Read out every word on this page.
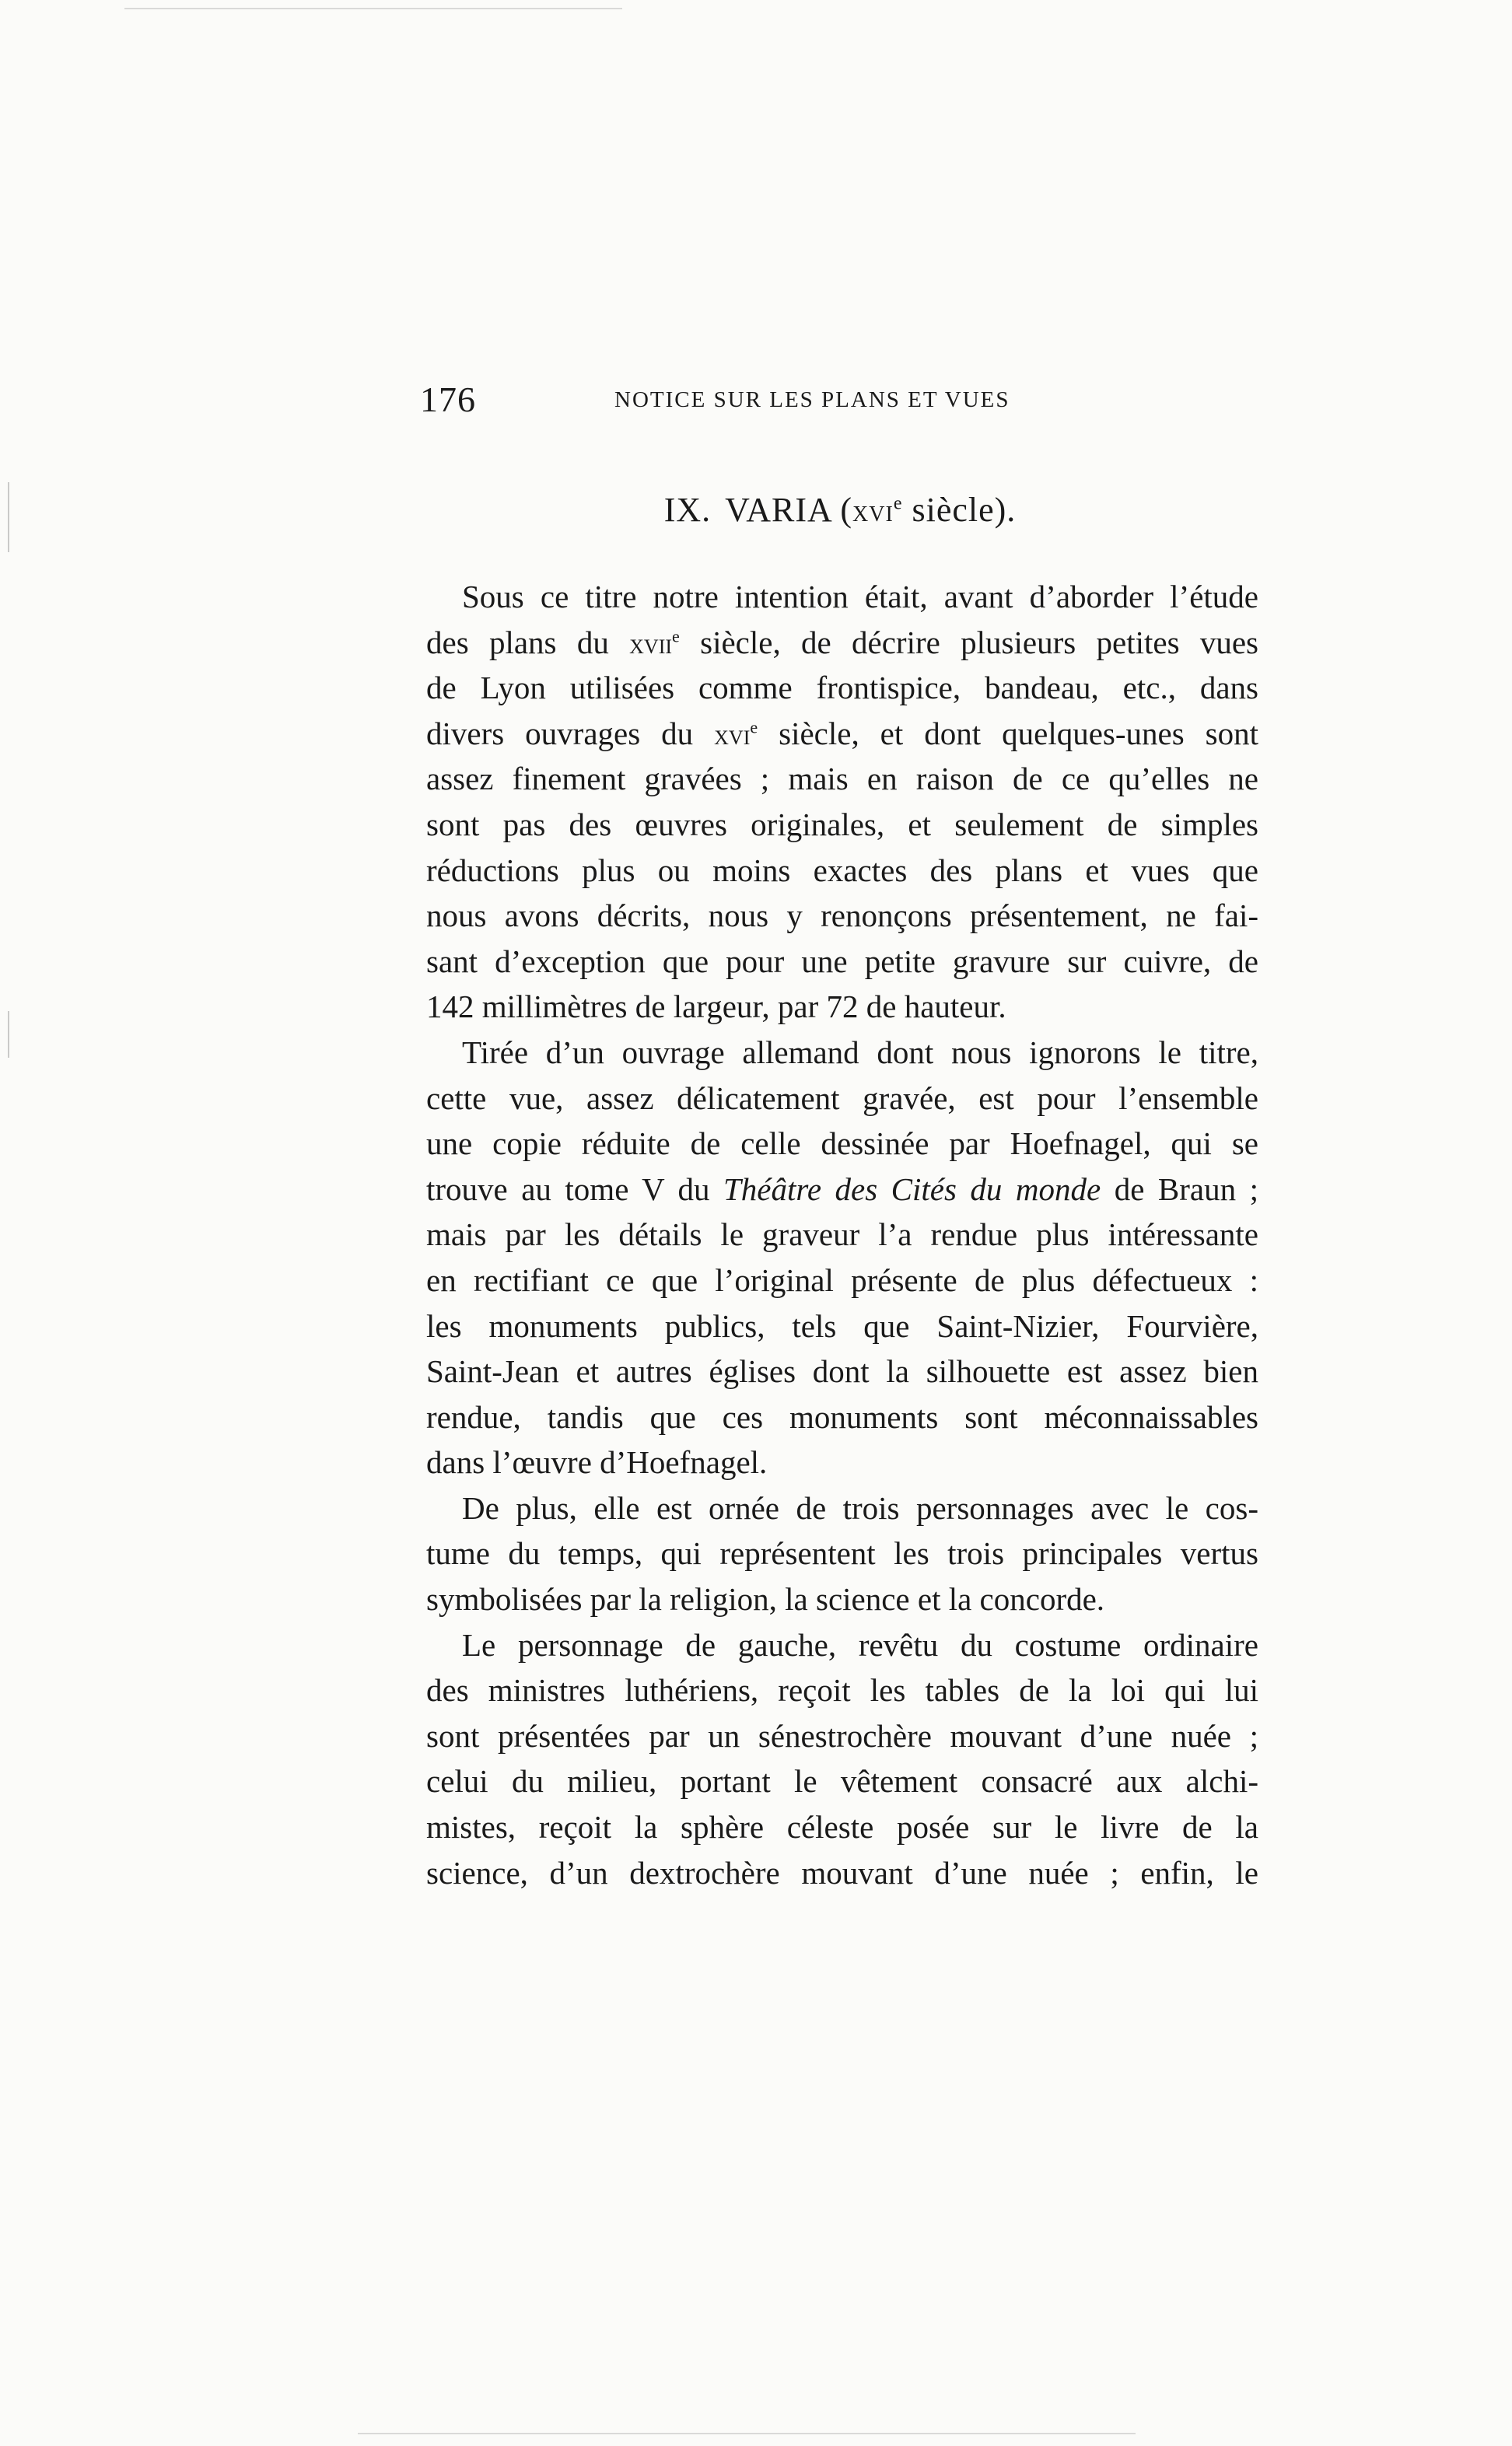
176	NOTICE SUR LES PLANS ET VUES
IX. VARIA (xvi$^e$ siècle).
Sous ce titre notre intention était, avant d’aborder l’étude
des plans du xvii$^e$ siècle, de décrire plusieurs petites vues
de Lyon utilisées comme frontispice, bandeau, etc., dans
divers ouvrages du xvi$^e$ siècle, et dont quelques-unes sont
assez finement gravées ; mais en raison de ce qu’elles ne
sont pas des œuvres originales, et seulement de simples
réductions plus ou moins exactes des plans et vues que
nous avons décrits, nous y renonçons présentement, ne fai-
sant d’exception que pour une petite gravure sur cuivre, de
142 millimètres de largeur, par 72 de hauteur.
Tirée d’un ouvrage allemand dont nous ignorons le titre,
cette vue, assez délicatement gravée, est pour l’ensemble
une copie réduite de celle dessinée par Hoefnagel, qui se
trouve au tome V du Théâtre des Cités du monde de Braun ;
mais par les détails le graveur l’a rendue plus intéressante
en rectifiant ce que l’original présente de plus défectueux :
les monuments publics, tels que Saint-Nizier, Fourvière,
Saint-Jean et autres églises dont la silhouette est assez bien
rendue, tandis que ces monuments sont méconnaissables
dans l’œuvre d’Hoefnagel.
De plus, elle est ornée de trois personnages avec le cos-
tume du temps, qui représentent les trois principales vertus
symbolisées par la religion, la science et la concorde.
Le personnage de gauche, revêtu du costume ordinaire
des ministres luthériens, reçoit les tables de la loi qui lui
sont présentées par un sénestrochère mouvant d’une nuée ;
celui du milieu, portant le vêtement consacré aux alchi-
mistes, reçoit la sphère céleste posée sur le livre de la
science, d’un dextrochère mouvant d’une nuée ; enfin, le
